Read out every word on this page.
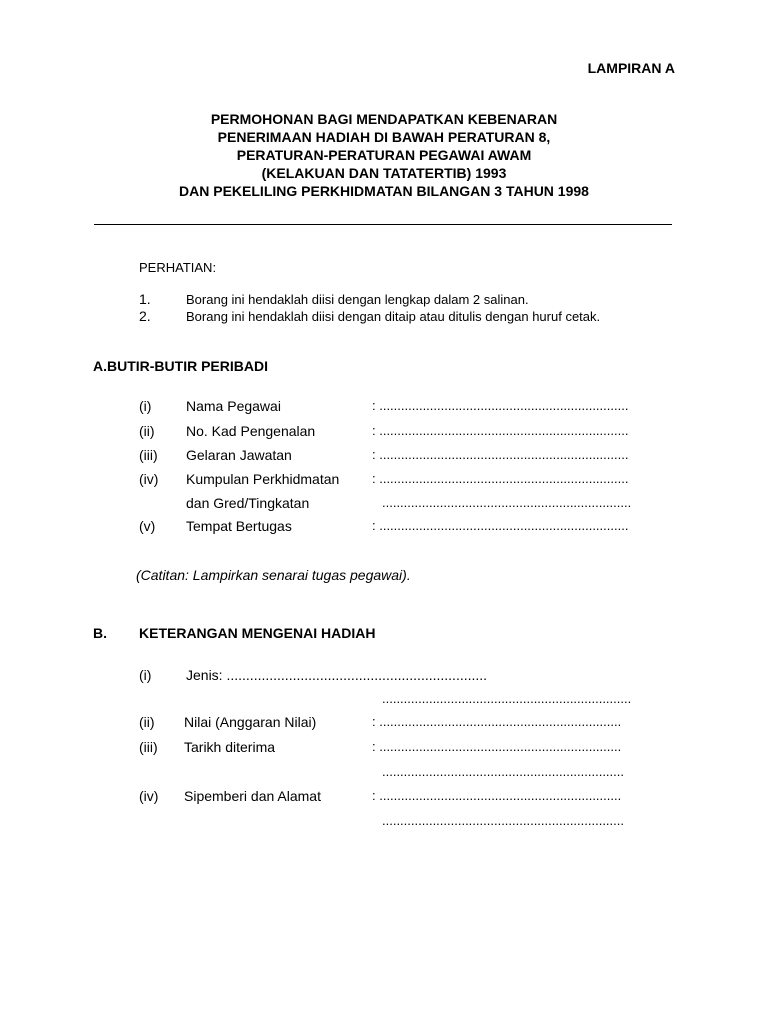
LAMPIRAN A
PERMOHONAN BAGI MENDAPATKAN KEBENARAN
PENERIMAAN HADIAH DI BAWAH PERATURAN 8,
PERATURAN-PERATURAN PEGAWAI AWAM
(KELAKUAN DAN TATATERTIB) 1993
DAN PEKELILING PERKHIDMATAN BILANGAN 3 TAHUN 1998
PERHATIAN:
1.	Borang ini hendaklah diisi dengan lengkap dalam 2 salinan.
2.	Borang ini hendaklah diisi dengan ditaip atau ditulis dengan huruf cetak.
A.BUTIR-BUTIR PERIBADI
(i) Nama Pegawai	: .....................................................................
(ii) No. Kad Pengenalan	: .....................................................................
(iii) Gelaran Jawatan	: .....................................................................
(iv) Kumpulan Perkhidmatan	: .....................................................................
dan Gred/Tingkatan	.....................................................................
(v) Tempat Bertugas	: .....................................................................
(Catitan: Lampirkan senarai tugas pegawai).
B. KETERANGAN MENGENAI HADIAH
(i) Jenis: ...................................................................
.....................................................................
(ii) Nilai (Anggaran Nilai)	: ...................................................................
(iii) Tarikh diterima	: ...................................................................
...................................................................
(iv) Sipemberi dan Alamat	: ...................................................................
...................................................................
